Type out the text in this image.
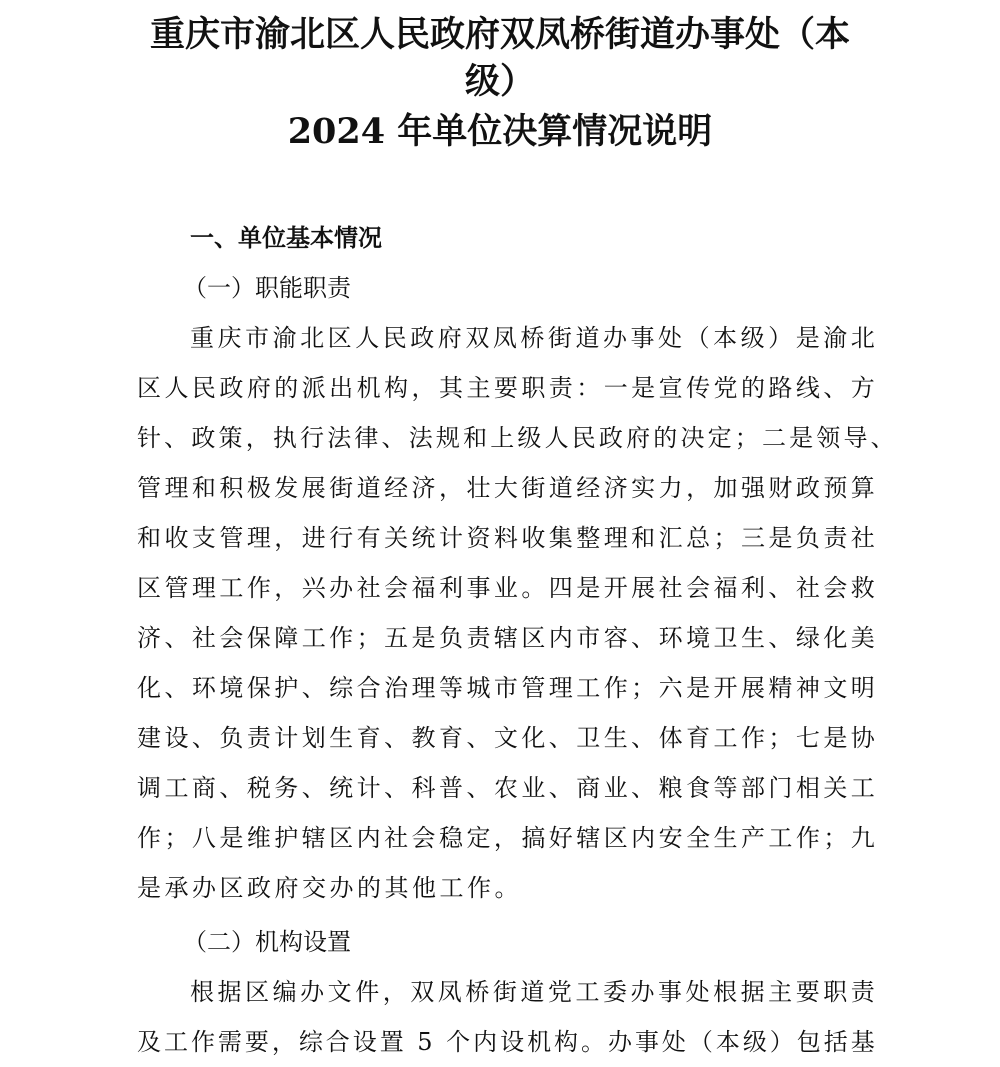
重庆市渝北区人民政府双凤桥街道办事处（本
级）
2024 年单位决算情况说明
一、单位基本情况
（一）职能职责
重 庆 市 渝 北 区 人 民 政 府 双 凤 桥 街 道 办 事 处 （ 本 级 ） 是 渝 北
区 人 民 政 府 的 派 出 机 构 ， 其 主 要 职 责 ： 一 是 宣 传 党 的 路 线 、 方
针 、 政 策 ， 执 行 法 律 、 法 规 和 上 级 人 民 政 府 的 决 定 ； 二 是 领 导 、
管 理 和 积 极 发 展 街 道 经 济 ， 壮 大 街 道 经 济 实 力 ， 加 强 财 政 预 算
和 收 支 管 理 ， 进 行 有 关 统 计 资 料 收 集 整 理 和 汇 总 ； 三 是 负 责 社
区 管 理 工 作 ， 兴 办 社 会 福 利 事 业 。 四 是 开 展 社 会 福 利 、 社 会 救
济 、 社 会 保 障 工 作 ； 五 是 负 责 辖 区 内 市 容 、 环 境 卫 生 、 绿 化 美
化 、 环 境 保 护 、 综 合 治 理 等 城 市 管 理 工 作 ； 六 是 开 展 精 神 文 明
建 设 、 负 责 计 划 生 育 、 教 育 、 文 化 、 卫 生 、 体 育 工 作 ； 七 是 协
调 工 商 、 税 务 、 统 计 、 科 普 、 农 业 、 商 业 、 粮 食 等 部 门 相 关 工
作 ； 八 是 维 护 辖 区 内 社 会 稳 定 ， 搞 好 辖 区 内 安 全 生 产 工 作 ； 九
是承办区政府交办的其他工作。
（二）机构设置
根 据 区 编 办 文 件 ， 双 凤 桥 街 道 党 工 委 办 事 处 根 据 主 要 职 责
及 工 作 需 要 ， 综 合 设 置
5
个 内 设 机 构 。 办 事 处 （ 本 级 ） 包 括 基
